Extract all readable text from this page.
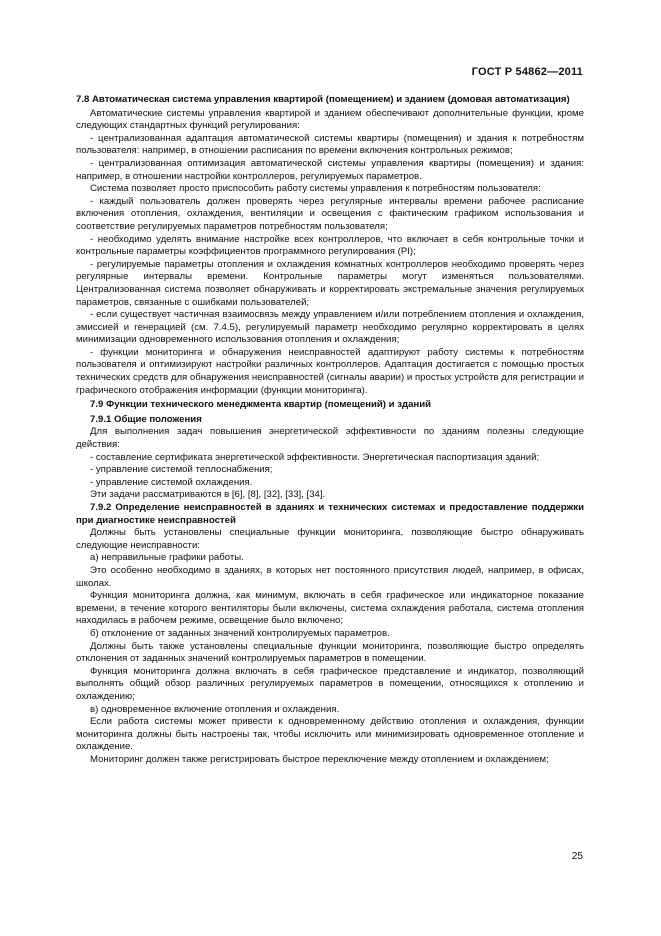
ГОСТ Р 54862—2011

7.8 Автоматическая система управления квартирой (помещением) и зданием (домовая автоматизация)

Автоматические системы управления квартирой и зданием обеспечивают дополнительные функции, кроме следующих стандартных функций регулирования:

- централизованная адаптация автоматической системы квартиры (помещения) и здания к потребностям пользователя: например, в отношении расписания по времени включения контрольных режимов;

- централизованная оптимизация автоматической системы управления квартиры (помещения) и здания: например, в отношении настройки контроллеров, регулируемых параметров.

Система позволяет просто приспособить работу системы управления к потребностям пользователя:

- каждый пользователь должен проверять через регулярные интервалы времени рабочее расписание включения отопления, охлаждения, вентиляции и освещения с фактическим графиком использования и соответствие регулируемых параметров потребностям пользователя;

- необходимо уделять внимание настройке всех контроллеров, что включает в себя контрольные точки и контрольные параметры коэффициентов программного регулирования (PI);

- регулируемые параметры отопления и охлаждения комнатных контроллеров необходимо проверять через регулярные интервалы времени. Контрольные параметры могут изменяться пользователями. Централизованная система позволяет обнаруживать и корректировать экстремальные значения регулируемых параметров, связанные с ошибками пользователей;

- если существует частичная взаимосвязь между управлением и/или потреблением отопления и охлаждения, эмиссией и генерацией (см. 7.4.5), регулируемый параметр необходимо регулярно корректировать в целях минимизации одновременного использования отопления и охлаждения;

- функции мониторинга и обнаружения неисправностей адаптируют работу системы к потребностям пользователя и оптимизируют настройки различных контроллеров. Адаптация достигается с помощью простых технических средств для обнаружения неисправностей (сигналы аварии) и простых устройств для регистрации и графического отображения информации (функции мониторинга).

7.9 Функции технического менеджмента квартир (помещений) и зданий

7.9.1 Общие положения

Для выполнения задач повышения энергетической эффективности по зданиям полезны следующие действия:

- составление сертификата энергетической эффективности. Энергетическая паспортизация зданий;

- управление системой теплоснабжения;

- управление системой охлаждения.

Эти задачи рассматриваются в [6], [8], [32], [33], [34].

7.9.2 Определение неисправностей в зданиях и технических системах и предоставление поддержки при диагностике неисправностей

Должны быть установлены специальные функции мониторинга, позволяющие быстро обнаруживать следующие неисправности:

а) неправильные графики работы.

Это особенно необходимо в зданиях, в которых нет постоянного присутствия людей, например, в офисах, школах.

Функция мониторинга должна, как минимум, включать в себя графическое или индикаторное показание времени, в течение которого вентиляторы были включены, система охлаждения работала, система отопления находилась в рабочем режиме, освещение было включено;

б) отклонение от заданных значений контролируемых параметров.

Должны быть также установлены специальные функции мониторинга, позволяющие быстро определять отклонения от заданных значений контролируемых параметров в помещении.

Функция мониторинга должна включать в себя графическое представление и индикатор, позволяющий выполнять общий обзор различных регулируемых параметров в помещении, относящихся к отоплению и охлаждению;

в) одновременное включение отопления и охлаждения.

Если работа системы может привести к одновременному действию отопления и охлаждения, функции мониторинга должны быть настроены так, чтобы исключить или минимизировать одновременное отопление и охлаждение.

Мониторинг должен также регистрировать быстрое переключение между отоплением и охлаждением;

25
